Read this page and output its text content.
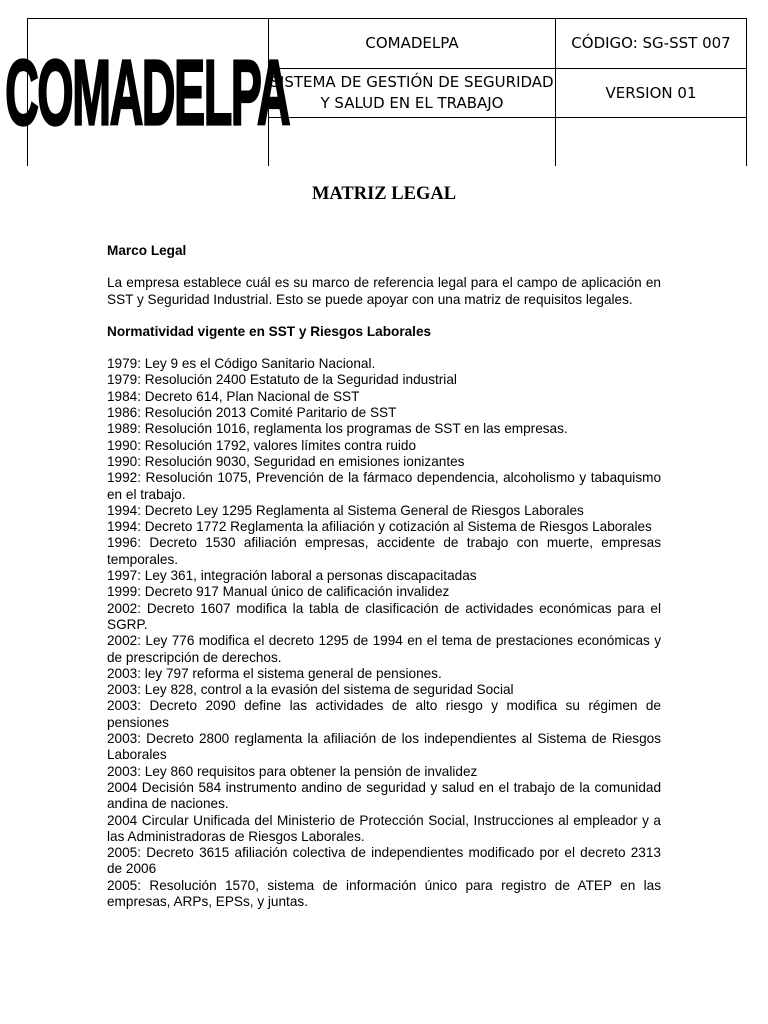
COMADELPA	COMADELPA	CÓDIGO: SG-SST 007
SISTEMA DE GESTIÓN DE SEGURIDAD Y SALUD EN EL TRABAJO
VERSION 01
MATRIZ LEGAL

Marco Legal

La empresa establece cuál es su marco de referencia legal para el campo de aplicación en SST y Seguridad Industrial. Esto se puede apoyar con una matriz de requisitos legales.

Normatividad vigente en SST y Riesgos Laborales

1979: Ley 9 es el Código Sanitario Nacional.

1979: Resolución 2400 Estatuto de la Seguridad industrial

1984: Decreto 614, Plan Nacional de SST

1986: Resolución 2013 Comité Paritario de SST

1989: Resolución 1016, reglamenta los programas de SST en las empresas.

1990: Resolución 1792, valores límites contra ruido

1990: Resolución 9030, Seguridad en emisiones ionizantes

1992: Resolución 1075, Prevención de la fármaco dependencia, alcoholismo y tabaquismo en el trabajo.

1994: Decreto Ley 1295 Reglamenta al Sistema General de Riesgos Laborales

1994: Decreto 1772 Reglamenta la afiliación y cotización al Sistema de Riesgos Laborales

1996: Decreto 1530 afiliación empresas, accidente de trabajo con muerte, empresas temporales.

1997: Ley 361, integración laboral a personas discapacitadas

1999: Decreto 917 Manual único de calificación invalidez

2002: Decreto 1607 modifica la tabla de clasificación de actividades económicas para el SGRP.

2002: Ley 776 modifica el decreto 1295 de 1994 en el tema de prestaciones económicas y de prescripción de derechos.

2003: ley 797 reforma el sistema general de pensiones.

2003: Ley 828, control a la evasión del sistema de seguridad Social

2003: Decreto 2090 define las actividades de alto riesgo y modifica su régimen de pensiones

2003: Decreto 2800 reglamenta la afiliación de los independientes al Sistema de Riesgos Laborales

2003: Ley 860 requisitos para obtener la pensión de invalidez

2004 Decisión 584 instrumento andino de seguridad y salud en el trabajo de la comunidad andina de naciones.

2004 Circular Unificada del Ministerio de Protección Social, Instrucciones al empleador y a las Administradoras de Riesgos Laborales.

2005: Decreto 3615 afiliación colectiva de independientes modificado por el decreto 2313 de 2006

2005: Resolución 1570, sistema de información único para registro de ATEP en las empresas, ARPs, EPSs, y juntas.
